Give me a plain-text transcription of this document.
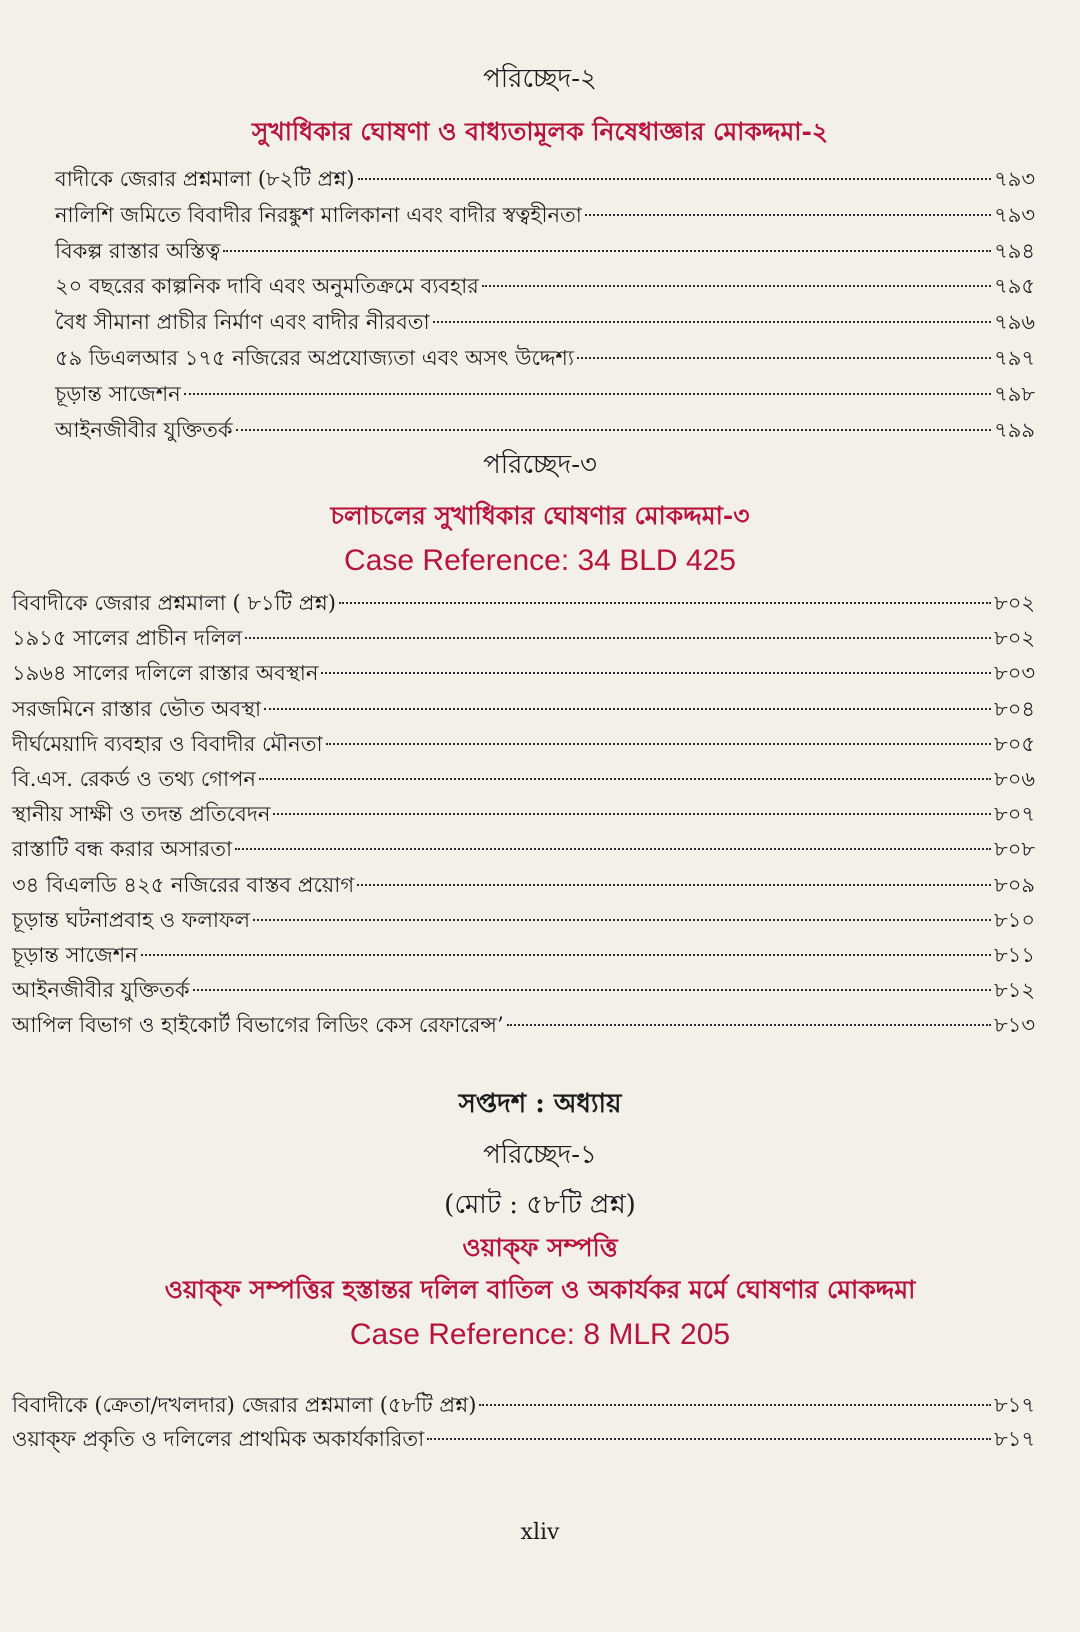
পরিচ্ছেদ-২
সুখাধিকার ঘোষণা ও বাধ্যতামূলক নিষেধাজ্ঞার মোকদ্দমা-২
বাদীকে জেরার প্রশ্নমালা (৮২টি প্রশ্ন)	৭৯৩
নালিশি জমিতে বিবাদীর নিরঙ্কুশ মালিকানা এবং বাদীর স্বত্বহীনতা	৭৯৩
বিকল্প রাস্তার অস্তিত্ব	৭৯৪
২০ বছরের কাল্পনিক দাবি এবং অনুমতিক্রমে ব্যবহার	৭৯৫
বৈধ সীমানা প্রাচীর নির্মাণ এবং বাদীর নীরবতা	৭৯৬
৫৯ ডিএলআর ১৭৫ নজিরের অপ্রযোজ্যতা এবং অসৎ উদ্দেশ্য	৭৯৭
চূড়ান্ত সাজেশন	৭৯৮
আইনজীবীর যুক্তিতর্ক	৭৯৯
পরিচ্ছেদ-৩
চলাচলের সুখাধিকার ঘোষণার মোকদ্দমা-৩
Case Reference: 34 BLD 425
বিবাদীকে জেরার প্রশ্নমালা ( ৮১টি প্রশ্ন)	৮০২
১৯১৫ সালের প্রাচীন দলিল	৮০২
১৯৬৪ সালের দলিলে রাস্তার অবস্থান	৮০৩
সরজমিনে রাস্তার ভৌত অবস্থা	৮০৪
দীর্ঘমেয়াদি ব্যবহার ও বিবাদীর মৌনতা	৮০৫
বি.এস. রেকর্ড ও তথ্য গোপন	৮০৬
স্থানীয় সাক্ষী ও তদন্ত প্রতিবেদন	৮০৭
রাস্তাটি বন্ধ করার অসারতা	৮০৮
৩৪ বিএলডি ৪২৫ নজিরের বাস্তব প্রয়োগ	৮০৯
চূড়ান্ত ঘটনাপ্রবাহ ও ফলাফল	৮১০
চূড়ান্ত সাজেশন	৮১১
আইনজীবীর যুক্তিতর্ক	৮১২
আপিল বিভাগ ও হাইকোর্ট বিভাগের লিডিং কেস রেফারেন্স’	৮১৩
সপ্তদশ : অধ্যায়
পরিচ্ছেদ-১
(মোট : ৫৮টি প্রশ্ন)
ওয়াক্‌ফ সম্পত্তি
ওয়াক্‌ফ সম্পত্তির হস্তান্তর দলিল বাতিল ও অকার্যকর মর্মে ঘোষণার মোকদ্দমা
Case Reference: 8 MLR 205
বিবাদীকে (ক্রেতা/দখলদার) জেরার প্রশ্নমালা (৫৮টি প্রশ্ন)	৮১৭
ওয়াক্‌ফ প্রকৃতি ও দলিলের প্রাথমিক অকার্যকারিতা	৮১৭
xliv
